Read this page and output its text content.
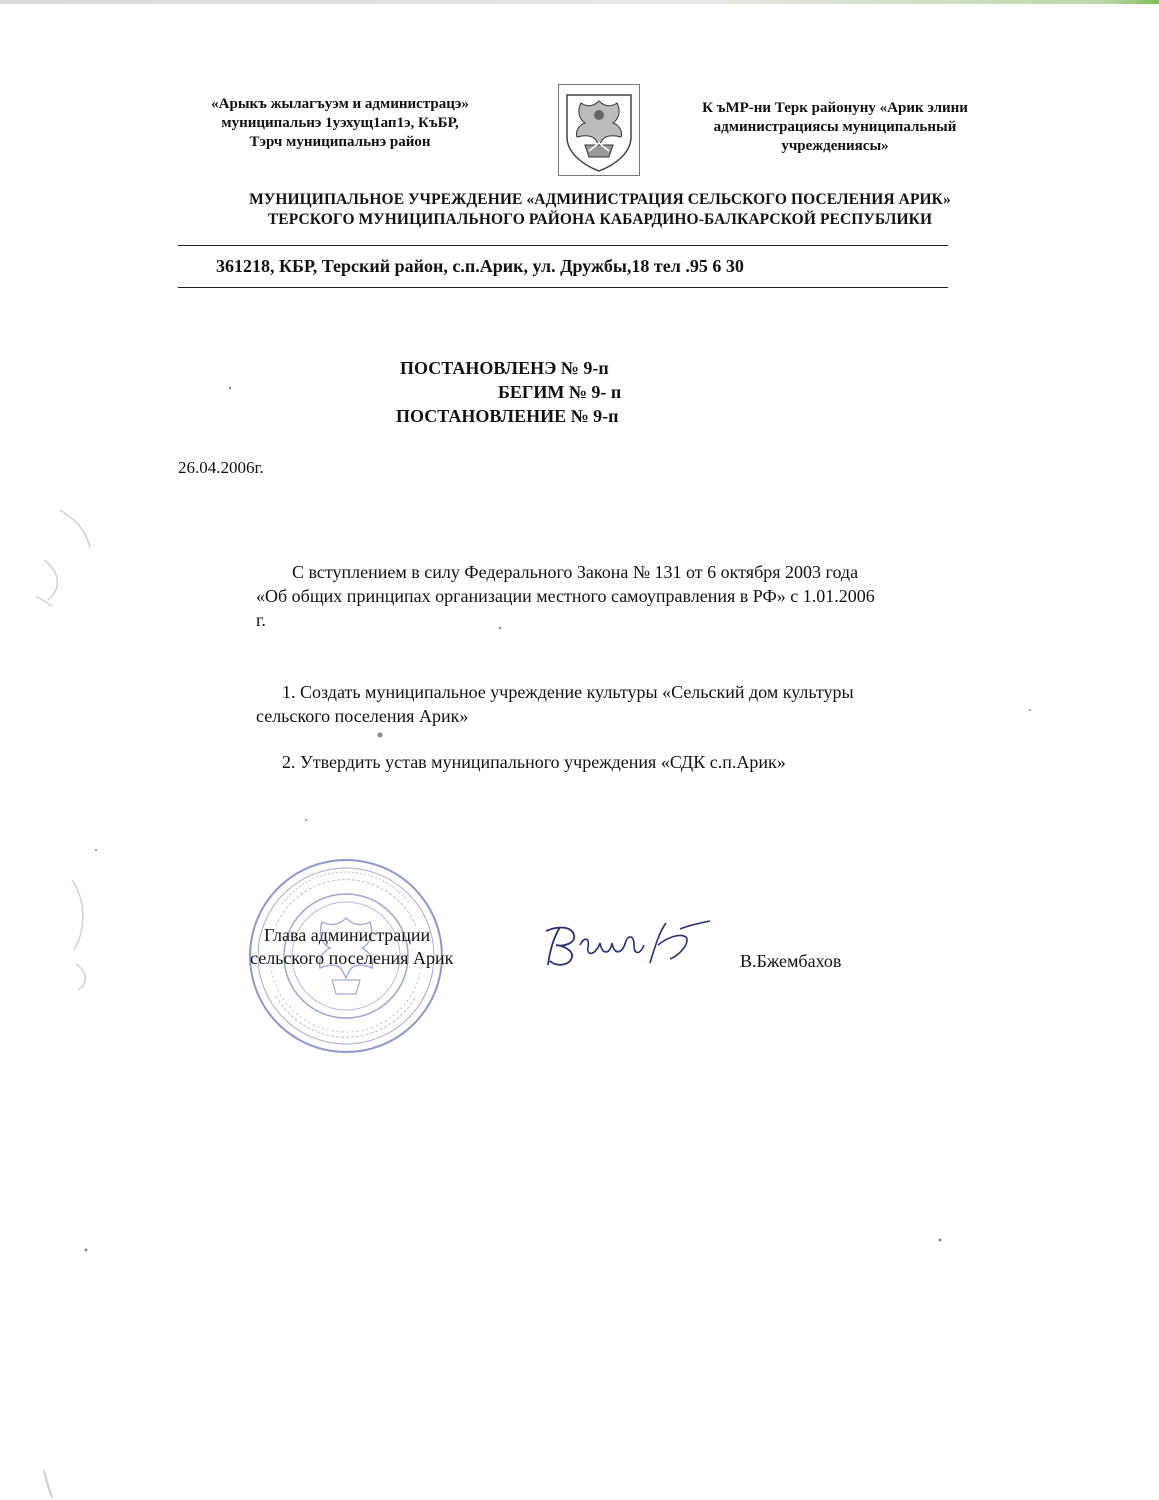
«Арыкъ жылагъуэм и администрацэ»
муниципальнэ 1уэхущ1ап1э, КъБР,
Тэрч муниципальнэ район
К ъМР-ни Терк районуну «Арик элини
администрациясы муниципальный
учреждениясы»
МУНИЦИПАЛЬНОЕ УЧРЕЖДЕНИЕ «АДМИНИСТРАЦИЯ СЕЛЬСКОГО ПОСЕЛЕНИЯ АРИК»
ТЕРСКОГО МУНИЦИПАЛЬНОГО РАЙОНА КАБАРДИНО-БАЛКАРСКОЙ РЕСПУБЛИКИ
361218, КБР, Терский район, с.п.Арик, ул. Дружбы,18 тел .95 6 30
ПОСТАНОВЛЕНЭ № 9-п
БЕГИМ № 9- п
ПОСТАНОВЛЕНИЕ № 9-п
26.04.2006г.
С вступлением в силу Федерального Закона № 131 от 6 октября 2003 года
«Об общих принципах организации местного самоуправления в РФ» с 1.01.2006
г.
1. Создать муниципальное учреждение культуры «Сельский дом культуры
сельского поселения Арик»
2. Утвердить устав муниципального учреждения «СДК с.п.Арик»
Глава администрации
сельского поселения Арик	В.Бжембахов
